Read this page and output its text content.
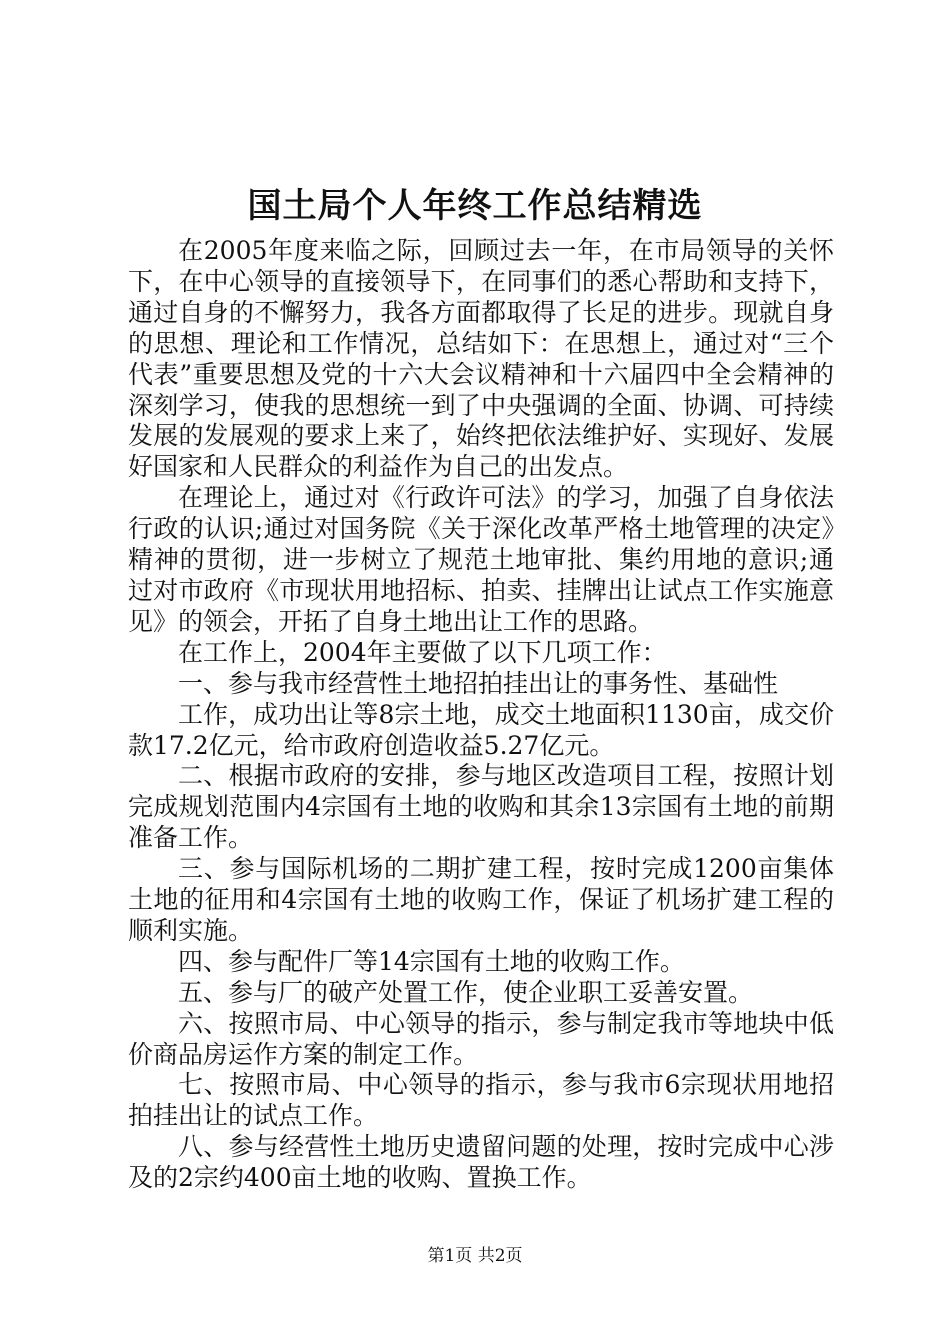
国土局个人年终工作总结精选

在2005年度来临之际，回顾过去一年，在市局领导的关怀下，在中心领导的直接领导下，在同事们的悉心帮助和支持下，通过自身的不懈努力，我各方面都取得了长足的进步。现就自身的思想、理论和工作情况，总结如下：在思想上，通过对“三个代表”重要思想及党的十六大会议精神和十六届四中全会精神的深刻学习，使我的思想统一到了中央强调的全面、协调、可持续发展的发展观的要求上来了，始终把依法维护好、实现好、发展好国家和人民群众的利益作为自己的出发点。

在理论上，通过对《行政许可法》的学习，加强了自身依法行政的认识;通过对国务院《关于深化改革严格土地管理的决定》精神的贯彻，进一步树立了规范土地审批、集约用地的意识;通过对市政府《市现状用地招标、拍卖、挂牌出让试点工作实施意见》的领会，开拓了自身土地出让工作的思路。

在工作上，2004年主要做了以下几项工作：

一、参与我市经营性土地招拍挂出让的事务性、基础性

工作，成功出让等8宗土地，成交土地面积1130亩，成交价款17.2亿元，给市政府创造收益5.27亿元。

二、根据市政府的安排，参与地区改造项目工程，按照计划完成规划范围内4宗国有土地的收购和其余13宗国有土地的前期准备工作。

三、参与国际机场的二期扩建工程，按时完成1200亩集体土地的征用和4宗国有土地的收购工作，保证了机场扩建工程的顺利实施。

四、参与配件厂等14宗国有土地的收购工作。

五、参与厂的破产处置工作，使企业职工妥善安置。

六、按照市局、中心领导的指示，参与制定我市等地块中低价商品房运作方案的制定工作。

七、按照市局、中心领导的指示，参与我市6宗现状用地招拍挂出让的试点工作。

八、参与经营性土地历史遗留问题的处理，按时完成中心涉及的2宗约400亩土地的收购、置换工作。

第1页 共2页
